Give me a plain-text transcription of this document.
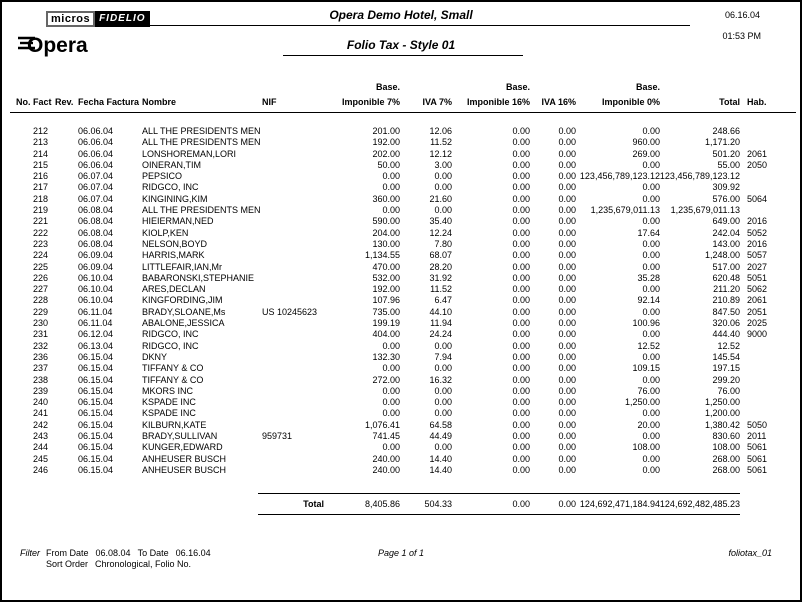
micros FIDELIO
Opera
Opera Demo Hotel, Small
Folio Tax - Style 01
06.16.04
01:53 PM
					Base.		Base.		Base.		
No. Fact	Rev.	Fecha Factura	Nombre	NIF	Imponible 7%	IVA 7%	Imponible 16%	IVA 16%	Imponible 0%	Total	Hab.

212		06.06.04	ALL THE PRESIDENTS MEN		201.00	12.06	0.00	0.00	0.00	248.66	
213		06.06.04	ALL THE PRESIDENTS MEN		192.00	11.52	0.00	0.00	960.00	1,171.20	
214		06.06.04	LONSHOREMAN,LORI		202.00	12.12	0.00	0.00	269.00	501.20	2061
215		06.06.04	OINERAN,TIM		50.00	3.00	0.00	0.00	0.00	55.00	2050
216		06.07.04	PEPSICO		0.00	0.00	0.00	0.00	123,456,789,123.12	123,456,789,123.12	
217		06.07.04	RIDGCO, INC		0.00	0.00	0.00	0.00	0.00	309.92	
218		06.07.04	KINGINING,KIM		360.00	21.60	0.00	0.00	0.00	576.00	5064
219		06.08.04	ALL THE PRESIDENTS MEN		0.00	0.00	0.00	0.00	1,235,679,011.13	1,235,679,011.13	
221		06.08.04	HIEIERMAN,NED		590.00	35.40	0.00	0.00	0.00	649.00	2016
222		06.08.04	KIOLP,KEN		204.00	12.24	0.00	0.00	17.64	242.04	5052
223		06.08.04	NELSON,BOYD		130.00	7.80	0.00	0.00	0.00	143.00	2016
224		06.09.04	HARRIS,MARK		1,134.55	68.07	0.00	0.00	0.00	1,248.00	5057
225		06.09.04	LITTLEFAIR,IAN,Mr		470.00	28.20	0.00	0.00	0.00	517.00	2027
226		06.10.04	BABARONSKI,STEPHANIE		532.00	31.92	0.00	0.00	35.28	620.48	5051
227		06.10.04	ARES,DECLAN		192.00	11.52	0.00	0.00	0.00	211.20	5062
228		06.10.04	KINGFORDING,JIM		107.96	6.47	0.00	0.00	92.14	210.89	2061
229		06.11.04	BRADY,SLOANE,Ms	US 10245623	735.00	44.10	0.00	0.00	0.00	847.50	2051
230		06.11.04	ABALONE,JESSICA		199.19	11.94	0.00	0.00	100.96	320.06	2025
231		06.12.04	RIDGCO, INC		404.00	24.24	0.00	0.00	0.00	444.40	9000
232		06.13.04	RIDGCO, INC		0.00	0.00	0.00	0.00	12.52	12.52	
236		06.15.04	DKNY		132.30	7.94	0.00	0.00	0.00	145.54	
237		06.15.04	TIFFANY & CO		0.00	0.00	0.00	0.00	109.15	197.15	
238		06.15.04	TIFFANY & CO		272.00	16.32	0.00	0.00	0.00	299.20	
239		06.15.04	MKORS INC		0.00	0.00	0.00	0.00	76.00	76.00	
240		06.15.04	KSPADE INC		0.00	0.00	0.00	0.00	1,250.00	1,250.00	
241		06.15.04	KSPADE INC		0.00	0.00	0.00	0.00	0.00	1,200.00	
242		06.15.04	KILBURN,KATE		1,076.41	64.58	0.00	0.00	20.00	1,380.42	5050
243		06.15.04	BRADY,SULLIVAN	959731	741.45	44.49	0.00	0.00	0.00	830.60	2011
244		06.15.04	KUNGER,EDWARD		0.00	0.00	0.00	0.00	108.00	108.00	5061
245		06.15.04	ANHEUSER BUSCH		240.00	14.40	0.00	0.00	0.00	268.00	5061
246		06.15.04	ANHEUSER BUSCH		240.00	14.40	0.00	0.00	0.00	268.00	5061

				Total	8,405.86	504.33	0.00	0.00	124,692,471,184.94	124,692,482,485.23	
Filter From Date 06.08.04 To Date 06.16.04
Sort Order Chronological, Folio No.
Page 1 of 1	foliotax_01
